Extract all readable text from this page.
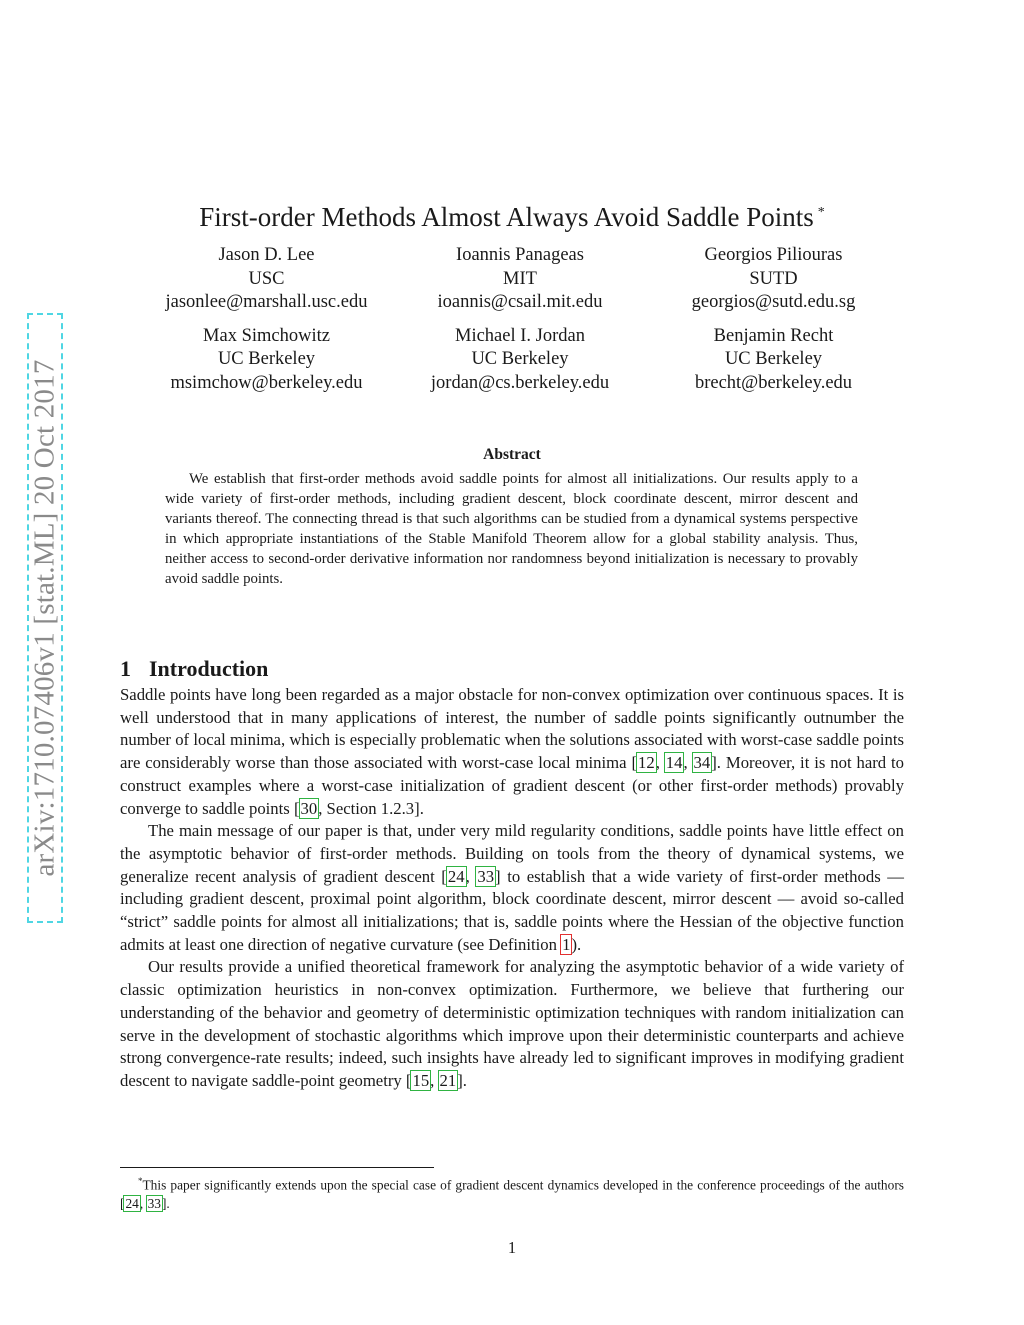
arXiv:1710.07406v1 [stat.ML] 20 Oct 2017
First-order Methods Almost Always Avoid Saddle Points *
Jason D. Lee
USC
jasonlee@marshall.usc.edu
Ioannis Panageas
MIT
ioannis@csail.mit.edu
Georgios Piliouras
SUTD
georgios@sutd.edu.sg
Max Simchowitz
UC Berkeley
msimchow@berkeley.edu
Michael I. Jordan
UC Berkeley
jordan@cs.berkeley.edu
Benjamin Recht
UC Berkeley
brecht@berkeley.edu
Abstract
We establish that first-order methods avoid saddle points for almost all initializations. Our results apply to a wide variety of first-order methods, including gradient descent, block coordinate descent, mirror descent and variants thereof. The connecting thread is that such algorithms can be studied from a dynamical systems perspective in which appropriate instantiations of the Stable Manifold Theorem allow for a global stability analysis. Thus, neither access to second-order derivative information nor randomness beyond initialization is necessary to provably avoid saddle points.
1 Introduction

Saddle points have long been regarded as a major obstacle for non-convex optimization over continuous spaces. It is well understood that in many applications of interest, the number of saddle points significantly outnumber the number of local minima, which is especially problematic when the solutions associated with worst-case saddle points are considerably worse than those associated with worst-case local minima [12, 14, 34]. Moreover, it is not hard to construct examples where a worst-case initialization of gradient descent (or other first-order methods) provably converge to saddle points [30, Section 1.2.3].

The main message of our paper is that, under very mild regularity conditions, saddle points have little effect on the asymptotic behavior of first-order methods. Building on tools from the theory of dynamical systems, we generalize recent analysis of gradient descent [24, 33] to establish that a wide variety of first-order methods — including gradient descent, proximal point algorithm, block coordinate descent, mirror descent — avoid so-called “strict” saddle points for almost all initializations; that is, saddle points where the Hessian of the objective function admits at least one direction of negative curvature (see Definition 1).

Our results provide a unified theoretical framework for analyzing the asymptotic behavior of a wide variety of classic optimization heuristics in non-convex optimization. Furthermore, we believe that furthering our understanding of the behavior and geometry of deterministic optimization techniques with random initialization can serve in the development of stochastic algorithms which improve upon their deterministic counterparts and achieve strong convergence-rate results; indeed, such insights have already led to significant improves in modifying gradient descent to navigate saddle-point geometry [15, 21].

*This paper significantly extends upon the special case of gradient descent dynamics developed in the conference proceedings of the authors [24, 33].
1
